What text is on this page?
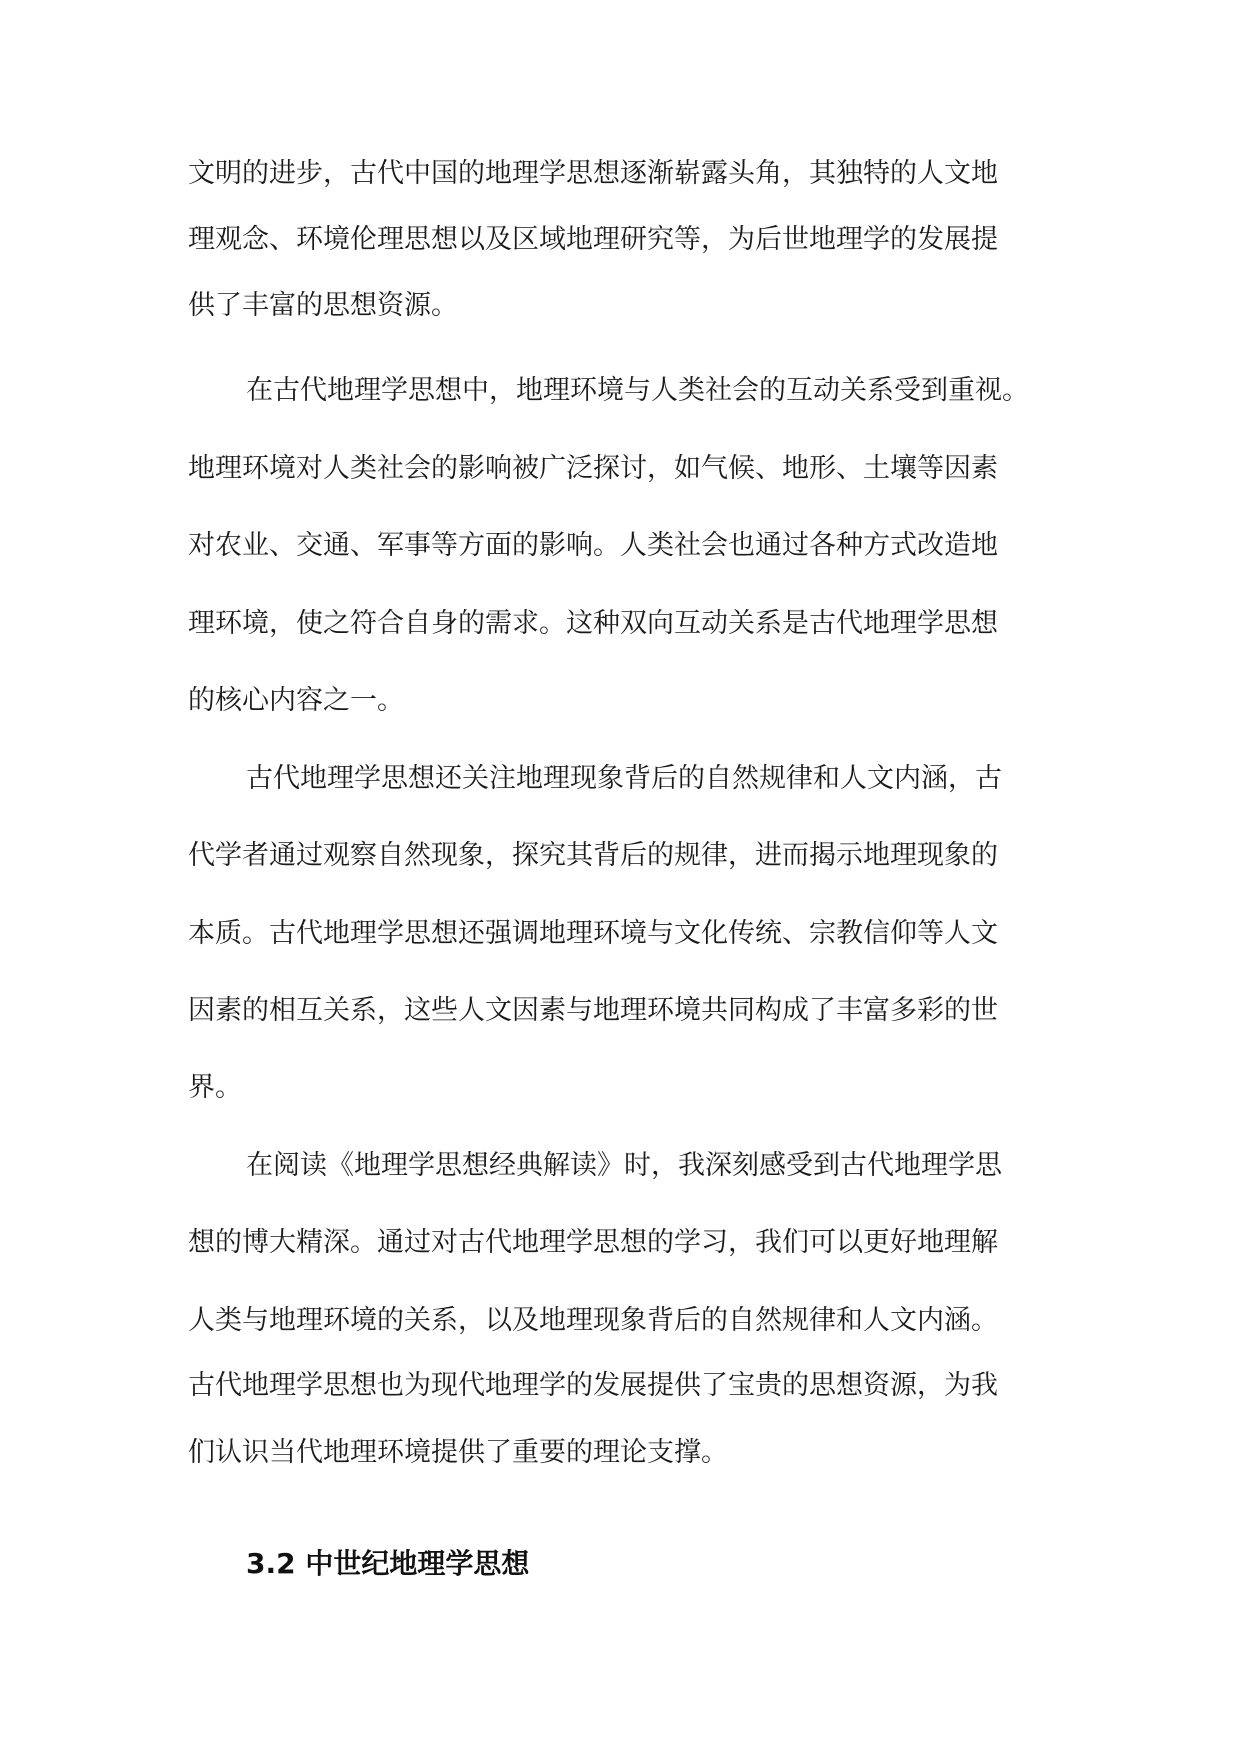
文明的进步，古代中国的地理学思想逐渐崭露头角，其独特的人文地
理观念、环境伦理思想以及区域地理研究等，为后世地理学的发展提
供了丰富的思想资源。
在古代地理学思想中，地理环境与人类社会的互动关系受到重视。
地理环境对人类社会的影响被广泛探讨，如气候、地形、土壤等因素
对农业、交通、军事等方面的影响。人类社会也通过各种方式改造地
理环境，使之符合自身的需求。这种双向互动关系是古代地理学思想
的核心内容之一。
古代地理学思想还关注地理现象背后的自然规律和人文内涵，古
代学者通过观察自然现象，探究其背后的规律，进而揭示地理现象的
本质。古代地理学思想还强调地理环境与文化传统、宗教信仰等人文
因素的相互关系，这些人文因素与地理环境共同构成了丰富多彩的世
界。
在阅读《地理学思想经典解读》时，我深刻感受到古代地理学思
想的博大精深。通过对古代地理学思想的学习，我们可以更好地理解
人类与地理环境的关系，以及地理现象背后的自然规律和人文内涵。
古代地理学思想也为现代地理学的发展提供了宝贵的思想资源，为我
们认识当代地理环境提供了重要的理论支撑。
3.2 中世纪地理学思想
